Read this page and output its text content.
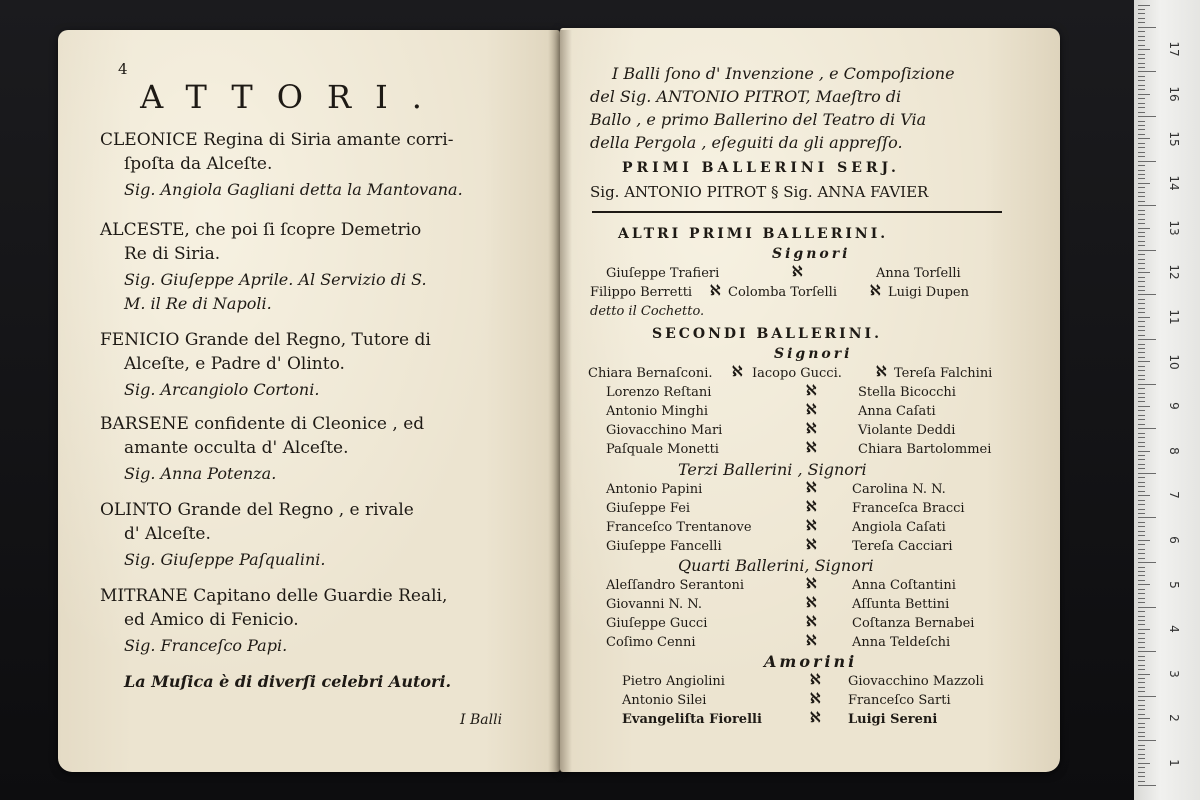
4
ATTORI.
CLEONICE Regina di Siria amante corri-
ſpoſta da Alceſte.
Sig. Angiola Gagliani detta la Mantovana.
ALCESTE, che poi ſi ſcopre Demetrio
Re di Siria.
Sig. Giuſeppe Aprile. Al Servizio di S.
M. il Re di Napoli.
FENICIO Grande del Regno, Tutore di
Alceſte, e Padre d' Olinto.
Sig. Arcangiolo Cortoni.
BARSENE confidente di Cleonice , ed
amante occulta d' Alceſte.
Sig. Anna Potenza.
OLINTO Grande del Regno , e rivale
d' Alceſte.
Sig. Giuſeppe Paſqualini.
MITRANE Capitano delle Guardie Reali,
ed Amico di Fenicio.
Sig. Franceſco Papi.
La Muſica è di diverſi celebri Autori.
I Balli
I Balli ſono d' Invenzione , e Compoſizione
del Sig. ANTONIO PITROT, Maeſtro di
Ballo , e primo Ballerino del Teatro di Via
della Pergola , eſeguiti da gli appreſſo.
PRIMI BALLERINI SERJ.
Sig. ANTONIO PITROT § Sig. ANNA FAVIER
ALTRI PRIMI BALLERINI.
Signori
Giuſeppe Trafieri	ℵ	Anna Torſelli
Filippo Berretti ℵ Colomba Torſelli ℵ Luigi Dupen
detto il Cochetto.
SECONDI BALLERINI.
Signori
Chiara Bernaſconi. ℵ Iacopo Gucci. ℵ Tereſa Falchini
Lorenzo Reſtani	ℵ	Stella Bicocchi
Antonio Minghi	ℵ	Anna Caſati
Giovacchino Mari	ℵ	Violante Deddi
Paſquale Monetti	ℵ	Chiara Bartolommei
Terzi Ballerini , Signori
Antonio Papini	ℵ	Carolina N. N.
Giuſeppe Fei	ℵ	Franceſca Bracci
Franceſco Trentanove	ℵ	Angiola Caſati
Giuſeppe Fancelli	ℵ	Tereſa Cacciari
Quarti Ballerini, Signori
Aleſſandro Serantoni	ℵ	Anna Coſtantini
Giovanni N. N.	ℵ	Aſſunta Bettini
Giuſeppe Gucci	ℵ	Coſtanza Bernabei
Coſimo Cenni	ℵ	Anna Teldeſchi
Amorini
Pietro Angiolini	ℵ Giovacchino Mazzoli
Antonio Silei	ℵ Franceſco Sarti
Evangeliſta Fiorelli	ℵ Luigi Sereni
1
2
3
4
5
6
7
8
9
10
11
12
13
14
15
16
17
